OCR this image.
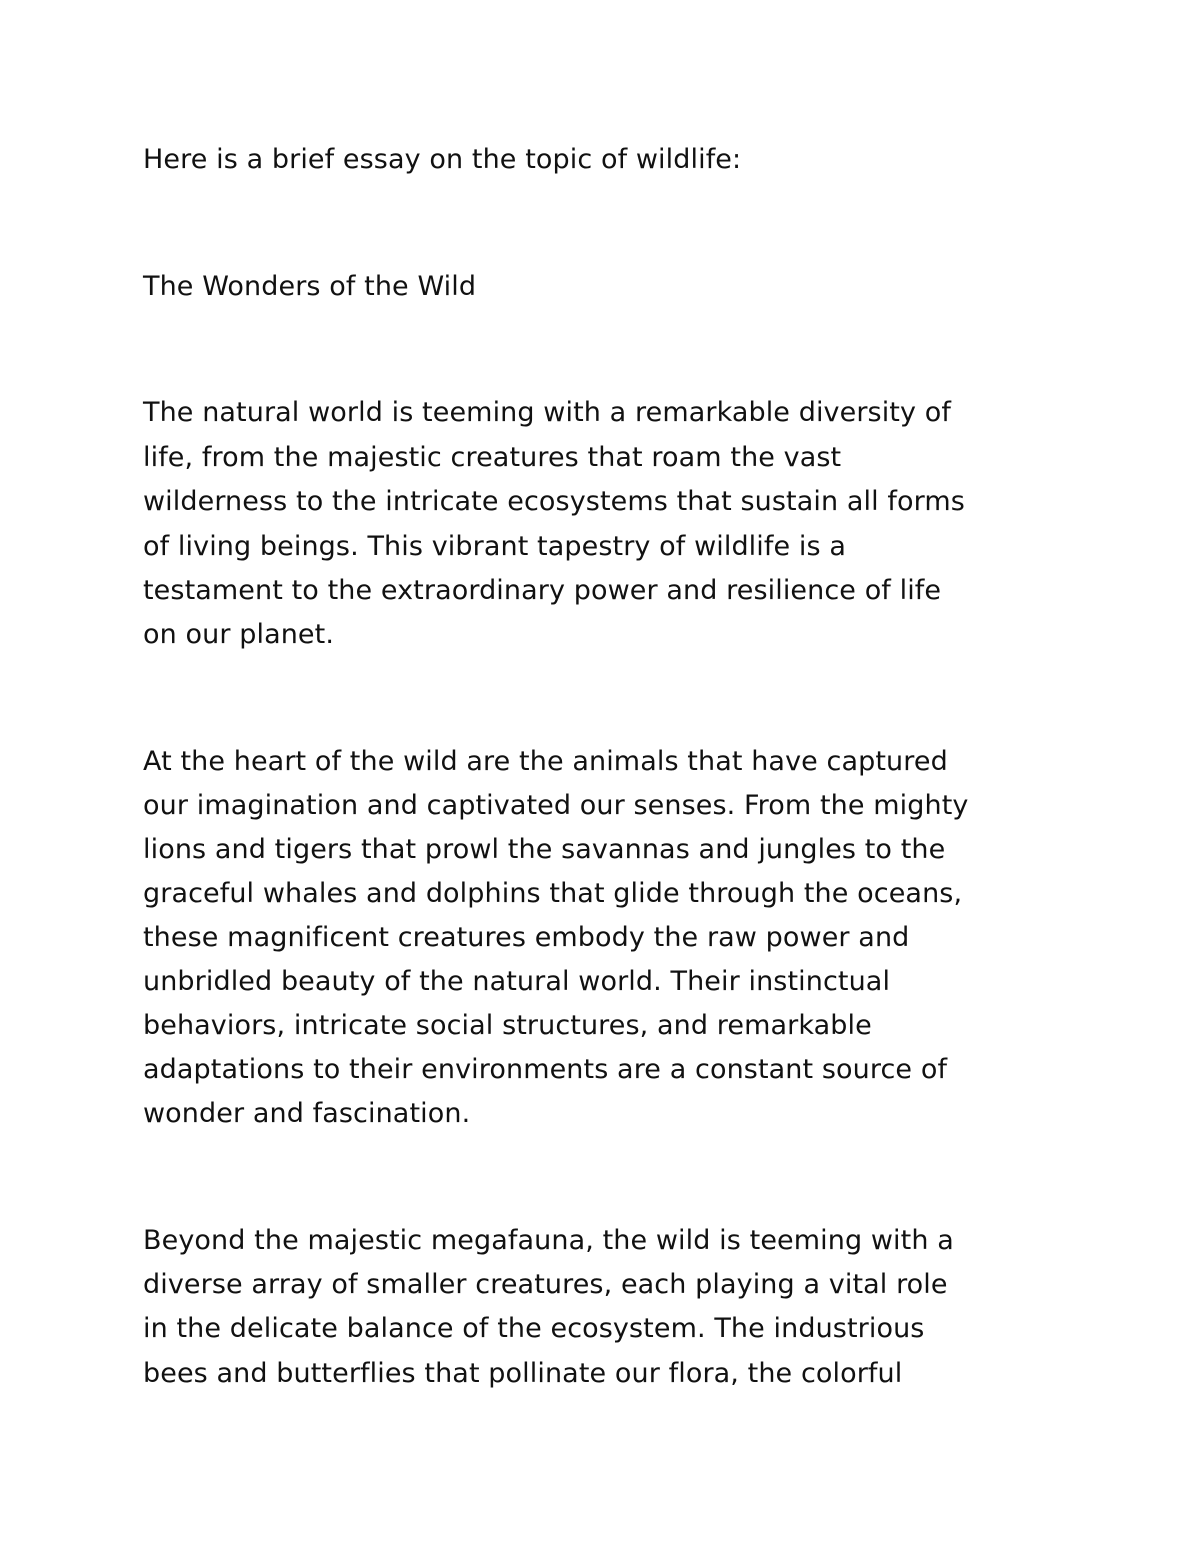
Here is a brief essay on the topic of wildlife:
The Wonders of the Wild
The natural world is teeming with a remarkable diversity of
life, from the majestic creatures that roam the vast
wilderness to the intricate ecosystems that sustain all forms
of living beings. This vibrant tapestry of wildlife is a
testament to the extraordinary power and resilience of life
on our planet.
At the heart of the wild are the animals that have captured
our imagination and captivated our senses. From the mighty
lions and tigers that prowl the savannas and jungles to the
graceful whales and dolphins that glide through the oceans,
these magnificent creatures embody the raw power and
unbridled beauty of the natural world. Their instinctual
behaviors, intricate social structures, and remarkable
adaptations to their environments are a constant source of
wonder and fascination.
Beyond the majestic megafauna, the wild is teeming with a
diverse array of smaller creatures, each playing a vital role
in the delicate balance of the ecosystem. The industrious
bees and butterflies that pollinate our flora, the colorful
